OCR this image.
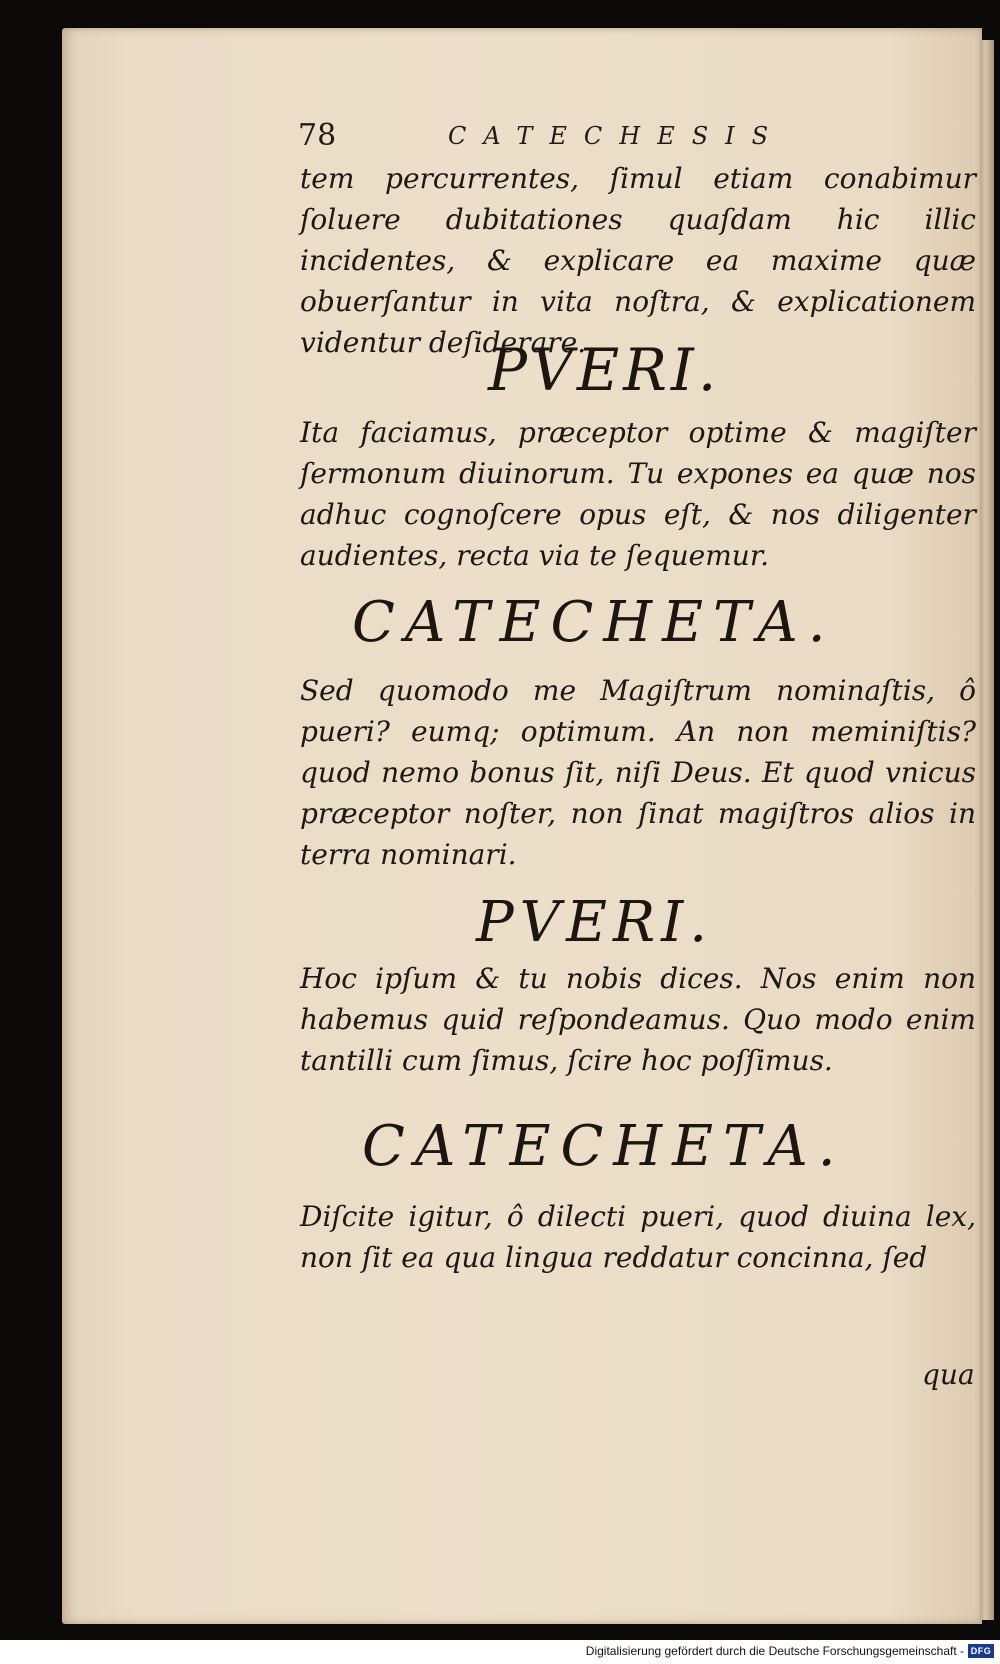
78	CATECHESIS
tem percurrentes, ſimul etiam conabimur ſoluere dubitationes quaſdam hic illic incidentes, & explicare ea maxime quæ obuerſantur in vita noſtra, & explicationem videntur deſiderare.
PVERI.
Ita faciamus, præceptor optime & magiſter ſermonum diuinorum. Tu expones ea quæ nos adhuc cognoſcere opus eſt, & nos diligenter audientes, recta via te ſequemur.
CATECHETA.
Sed quomodo me Magiſtrum nominaſtis, ô pueri? eumq; optimum. An non meminiſtis? quod nemo bonus ſit, niſi Deus. Et quod vnicus præceptor noſter, non ſinat magiſtros alios in terra nominari.
PVERI.
Hoc ipſum & tu nobis dices. Nos enim non habemus quid reſpondeamus. Quo modo enim tantilli cum ſimus, ſcire hoc poſſimus.
CATECHETA.
Diſcite igitur, ô dilecti pueri, quod diuina lex, non ſit ea qua lingua reddatur concinna, ſed
qua
Digitalisierung gefördert durch die Deutsche Forschungsgemeinschaft - DFG
